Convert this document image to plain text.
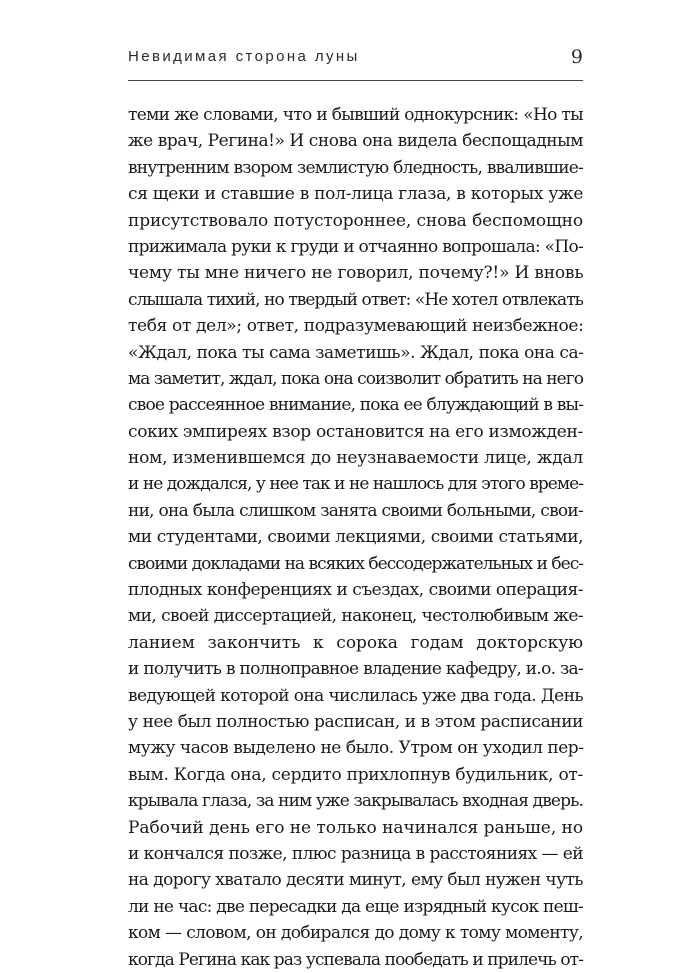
Невидимая сторона луны	9
теми же словами, что и бывший однокурсник: «Но ты
же врач, Регина!» И снова она видела беспощадным
внутренним взором землистую бледность, ввалившие-
ся щеки и ставшие в пол-лица глаза, в которых уже
присутствовало потустороннее, снова беспомощно
прижимала руки к груди и отчаянно вопрошала: «По-
чему ты мне ничего не говорил, почему?!» И вновь
слышала тихий, но твердый ответ: «Не хотел отвлекать
тебя от дел»; ответ, подразумевающий неизбежное:
«Ждал, пока ты сама заметишь». Ждал, пока она са-
ма заметит, ждал, пока она соизволит обратить на него
свое рассеянное внимание, пока ее блуждающий в вы-
соких эмпиреях взор остановится на его изможден-
ном, изменившемся до неузнаваемости лице, ждал
и не дождался, у нее так и не нашлось для этого време-
ни, она была слишком занята своими больными, свои-
ми студентами, своими лекциями, своими статьями,
своими докладами на всяких бессодержательных и бес-
плодных конференциях и съездах, своими операция-
ми, своей диссертацией, наконец, честолюбивым же-
ланием закончить к сорока годам докторскую
и получить в полноправное владение кафедру, и.о. за-
ведующей которой она числилась уже два года. День
у нее был полностью расписан, и в этом расписании
мужу часов выделено не было. Утром он уходил пер-
вым. Когда она, сердито прихлопнув будильник, от-
крывала глаза, за ним уже закрывалась входная дверь.
Рабочий день его не только начинался раньше, но
и кончался позже, плюс разница в расстояниях — ей
на дорогу хватало десяти минут, ему был нужен чуть
ли не час: две пересадки да еще изрядный кусок пеш-
ком — словом, он добирался до дому к тому моменту,
когда Регина как раз успевала пообедать и прилечь от-
